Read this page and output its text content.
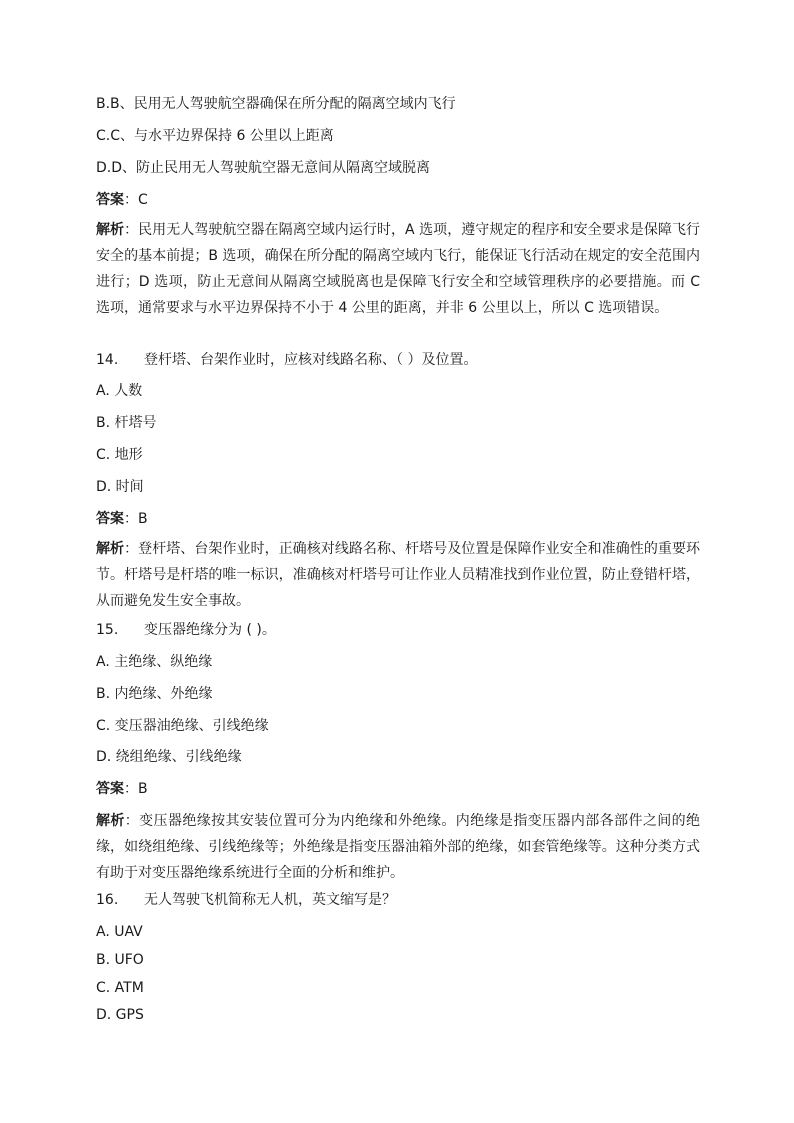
B.B、民用无人驾驶航空器确保在所分配的隔离空域内飞行
C.C、与水平边界保持 6 公里以上距离
D.D、防止民用无人驾驶航空器无意间从隔离空域脱离
答案：C
解析：民用无人驾驶航空器在隔离空域内运行时，A 选项，遵守规定的程序和安全要求是保障飞行安全的基本前提；B 选项，确保在所分配的隔离空域内飞行，能保证飞行活动在规定的安全范围内进行；D 选项，防止无意间从隔离空域脱离也是保障飞行安全和空域管理秩序的必要措施。而 C 选项，通常要求与水平边界保持不小于 4 公里的距离，并非 6 公里以上，所以 C 选项错误。
14. 登杆塔、台架作业时，应核对线路名称、（ ）及位置。
A. 人数
B. 杆塔号
C. 地形
D. 时间
答案：B
解析：登杆塔、台架作业时，正确核对线路名称、杆塔号及位置是保障作业安全和准确性的重要环节。杆塔号是杆塔的唯一标识，准确核对杆塔号可让作业人员精准找到作业位置，防止登错杆塔，从而避免发生安全事故。
15. 变压器绝缘分为 ( )。
A. 主绝缘、纵绝缘
B. 内绝缘、外绝缘
C. 变压器油绝缘、引线绝缘
D. 绕组绝缘、引线绝缘
答案：B
解析：变压器绝缘按其安装位置可分为内绝缘和外绝缘。内绝缘是指变压器内部各部件之间的绝缘，如绕组绝缘、引线绝缘等；外绝缘是指变压器油箱外部的绝缘，如套管绝缘等。这种分类方式有助于对变压器绝缘系统进行全面的分析和维护。
16. 无人驾驶飞机简称无人机，英文缩写是？
A. UAV
B. UFO
C. ATM
D. GPS
